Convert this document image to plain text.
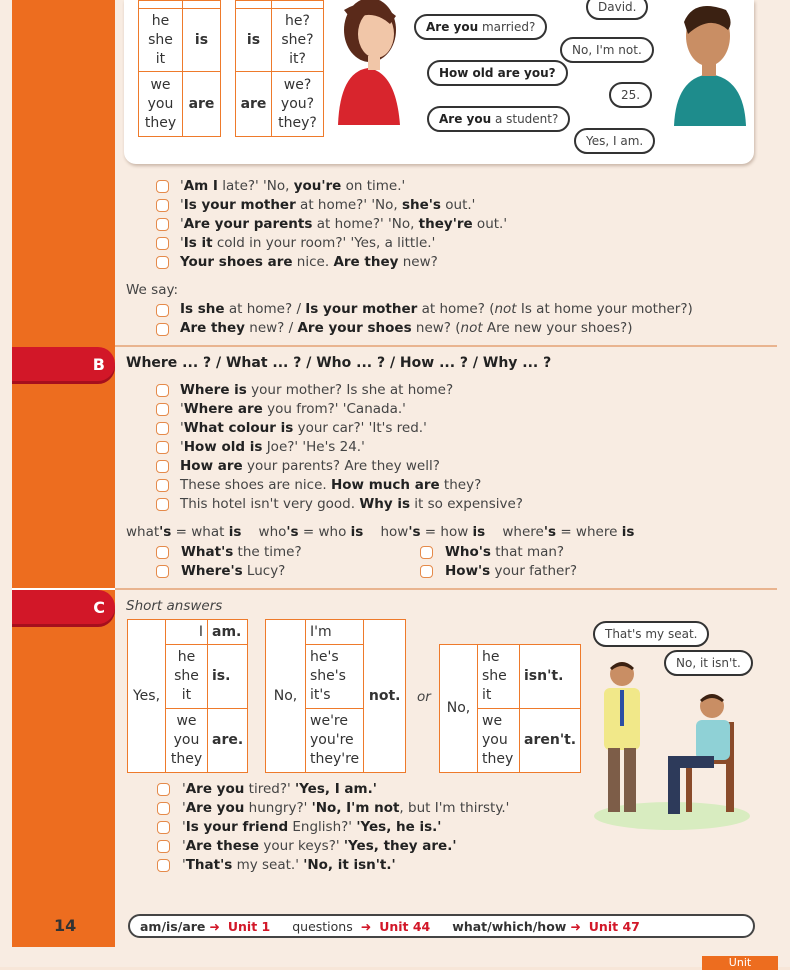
he
she
it	is

we
you
they	are

is	he?
she?
it?

are	we?
you?
they?
Are you married?
How old are you?
Are you a student?
David.
No, I'm not.
25.
Yes, I am.
'Am I late?' 'No, you're on time.'
'Is your mother at home?' 'No, she's out.'
'Are your parents at home?' 'No, they're out.'
'Is it cold in your room?' 'Yes, a little.'
Your shoes are nice. Are they new?
We say:
Is she at home? / Is your mother at home? (not Is at home your mother?)
Are they new? / Are your shoes new? (not Are new your shoes?)
B Where ... ? / What ... ? / Who ... ? / How ... ? / Why ... ?
Where is your mother? Is she at home?
'Where are you from?' 'Canada.'
'What colour is your car?' 'It's red.'
'How old is Joe?' 'He's 24.'
How are your parents? Are they well?
These shoes are nice. How much are they?
This hotel isn't very good. Why is it so expensive?
what's = what is who's = who is how's = how is where's = where is
What's the time?	Who's that man?
Where's Lucy?	How's your father?
C Short answers
Yes,	I	am.

	he
she
it	is.

	we
you
they	are.
No,	I'm	not.

he's
she's
it's

we're
you're
they're
or
No,	he
she
it	isn't.

	we
you
they	aren't.
That's my seat.
No, it isn't.
'Are you tired?' 'Yes, I am.'
'Are you hungry?' 'No, I'm not, but I'm thirsty.'
'Is your friend English?' 'Yes, he is.'
'Are these your keys?' 'Yes, they are.'
'That's my seat.' 'No, it isn't.'
14	am/is/are ➜ Unit 1	questions ➜ Unit 44	what/which/how ➜ Unit 47
Unit
